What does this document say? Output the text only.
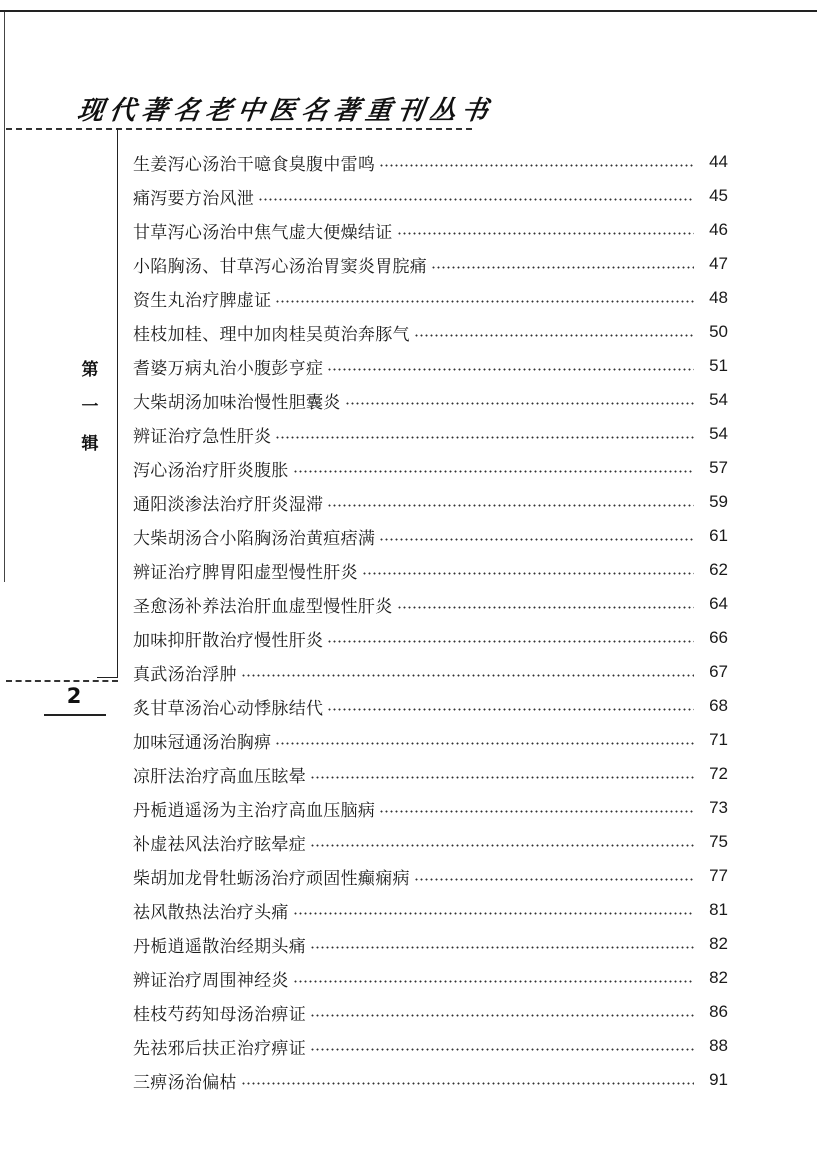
现代著名老中医名著重刊丛书
第
一
辑
2
生姜泻心汤治干噫食臭腹中雷鸣	44
痛泻要方治风泄	45
甘草泻心汤治中焦气虚大便燥结证	46
小陷胸汤、甘草泻心汤治胃窦炎胃脘痛	47
资生丸治疗脾虚证	48
桂枝加桂、理中加肉桂吴萸治奔豚气	50
耆婆万病丸治小腹彭亨症	51
大柴胡汤加味治慢性胆囊炎	54
辨证治疗急性肝炎	54
泻心汤治疗肝炎腹胀	57
通阳淡渗法治疗肝炎湿滞	59
大柴胡汤合小陷胸汤治黄疸痞满	61
辨证治疗脾胃阳虚型慢性肝炎	62
圣愈汤补养法治肝血虚型慢性肝炎	64
加味抑肝散治疗慢性肝炎	66
真武汤治浮肿	67
炙甘草汤治心动悸脉结代	68
加味冠通汤治胸痹	71
凉肝法治疗高血压眩晕	72
丹栀逍遥汤为主治疗高血压脑病	73
补虚祛风法治疗眩晕症	75
柴胡加龙骨牡蛎汤治疗顽固性癫痫病	77
祛风散热法治疗头痛	81
丹栀逍遥散治经期头痛	82
辨证治疗周围神经炎	82
桂枝芍药知母汤治痹证	86
先祛邪后扶正治疗痹证	88
三痹汤治偏枯	91
